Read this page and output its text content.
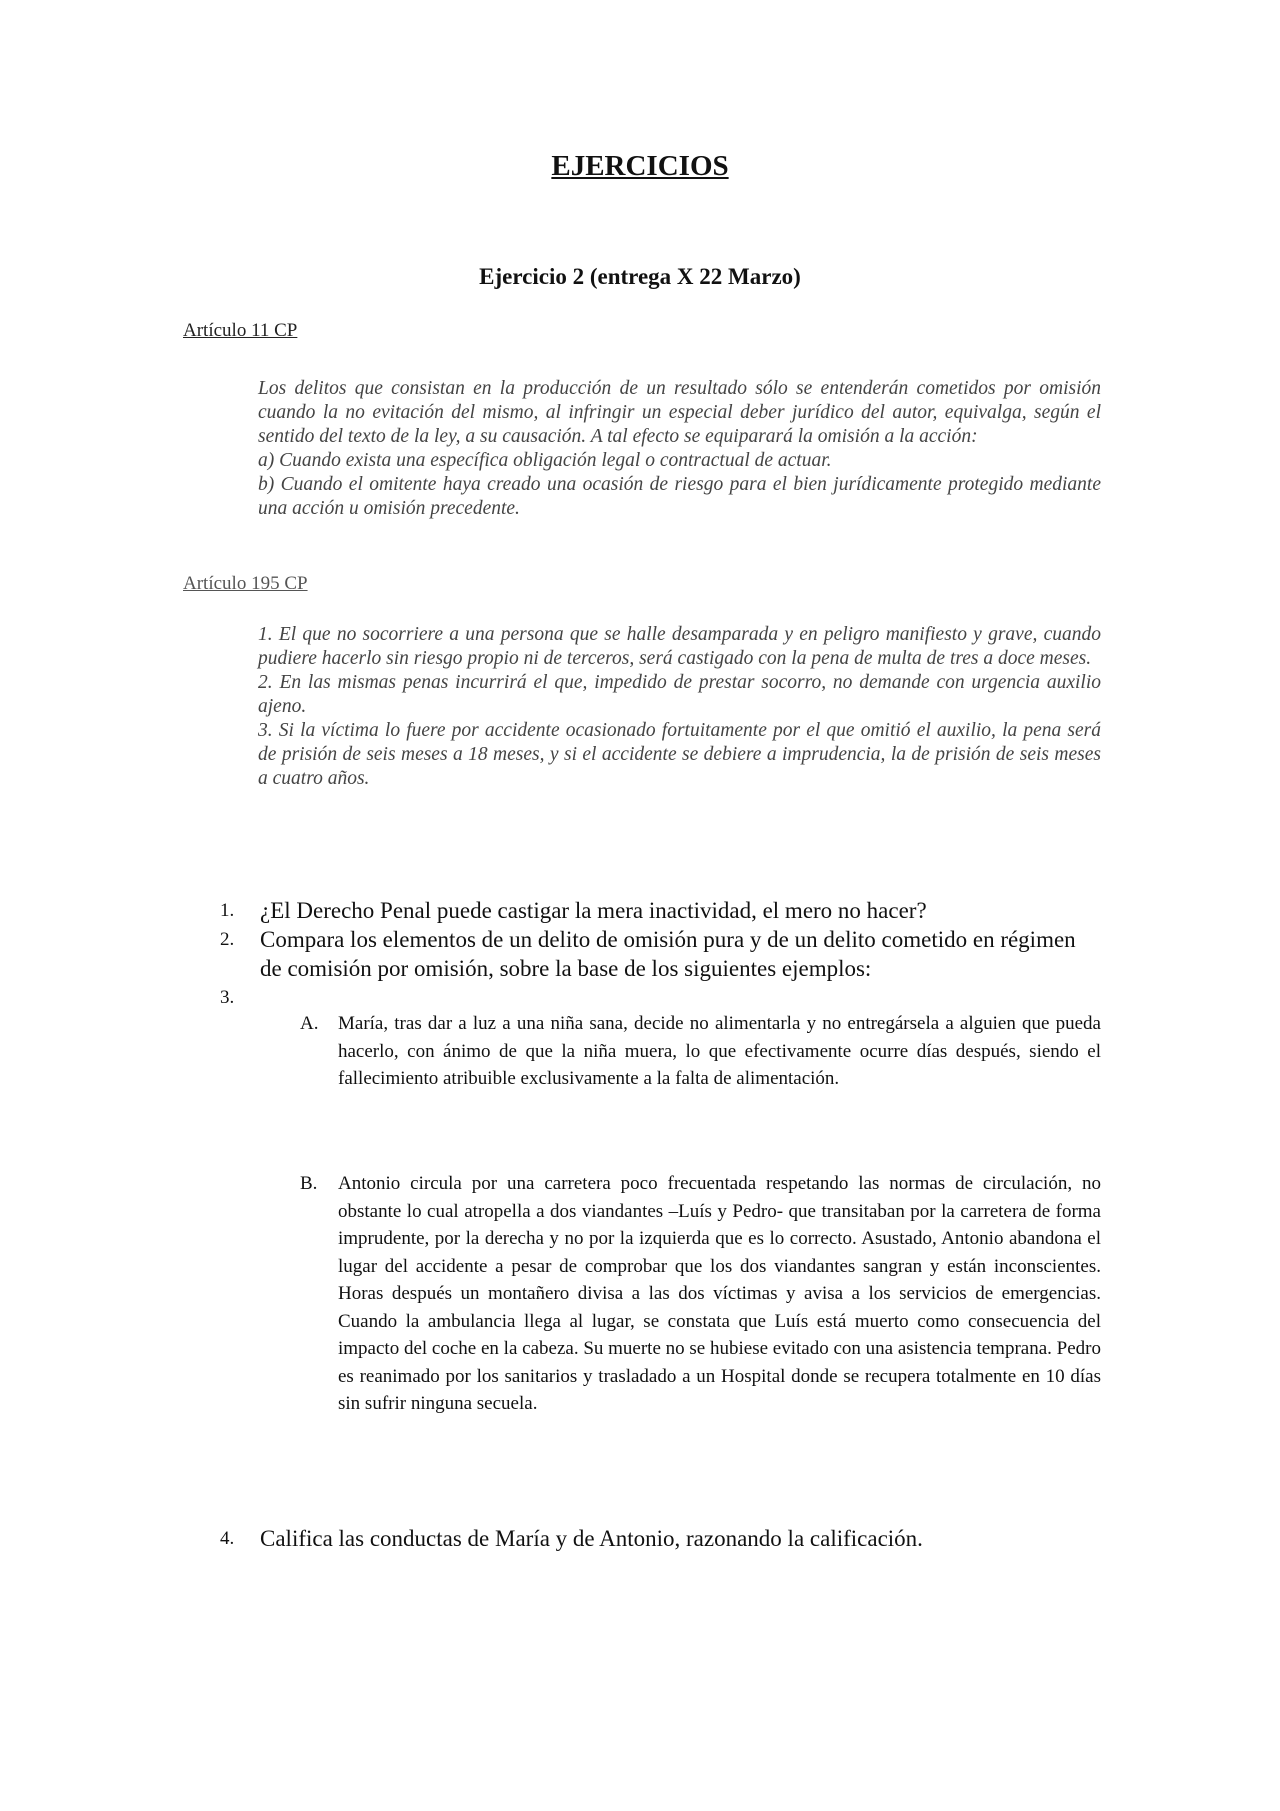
EJERCICIOS
Ejercicio 2 (entrega X 22 Marzo)
Artículo 11 CP

Los delitos que consistan en la producción de un resultado sólo se entenderán cometidos por omisión cuando la no evitación del mismo, al infringir un especial deber jurídico del autor, equivalga, según el sentido del texto de la ley, a su causación. A tal efecto se equiparará la omisión a la acción:

a) Cuando exista una específica obligación legal o contractual de actuar.

b) Cuando el omitente haya creado una ocasión de riesgo para el bien jurídicamente protegido mediante una acción u omisión precedente.

Artículo 195 CP

1. El que no socorriere a una persona que se halle desamparada y en peligro manifiesto y grave, cuando pudiere hacerlo sin riesgo propio ni de terceros, será castigado con la pena de multa de tres a doce meses.

2. En las mismas penas incurrirá el que, impedido de prestar socorro, no demande con urgencia auxilio ajeno.

3. Si la víctima lo fuere por accidente ocasionado fortuitamente por el que omitió el auxilio, la pena será de prisión de seis meses a 18 meses, y si el accidente se debiere a imprudencia, la de prisión de seis meses a cuatro años.

1. ¿El Derecho Penal puede castigar la mera inactividad, el mero no hacer?
2. Compara los elementos de un delito de omisión pura y de un delito cometido en régimen de comisión por omisión, sobre la base de los siguientes ejemplos:
3.

A. María, tras dar a luz a una niña sana, decide no alimentarla y no entregársela a alguien que pueda hacerlo, con ánimo de que la niña muera, lo que efectivamente ocurre días después, siendo el fallecimiento atribuible exclusivamente a la falta de alimentación.
B. Antonio circula por una carretera poco frecuentada respetando las normas de circulación, no obstante lo cual atropella a dos viandantes –Luís y Pedro- que transitaban por la carretera de forma imprudente, por la derecha y no por la izquierda que es lo correcto. Asustado, Antonio abandona el lugar del accidente a pesar de comprobar que los dos viandantes sangran y están inconscientes. Horas después un montañero divisa a las dos víctimas y avisa a los servicios de emergencias. Cuando la ambulancia llega al lugar, se constata que Luís está muerto como consecuencia del impacto del coche en la cabeza. Su muerte no se hubiese evitado con una asistencia temprana. Pedro es reanimado por los sanitarios y trasladado a un Hospital donde se recupera totalmente en 10 días sin sufrir ninguna secuela.
4. Califica las conductas de María y de Antonio, razonando la calificación.
